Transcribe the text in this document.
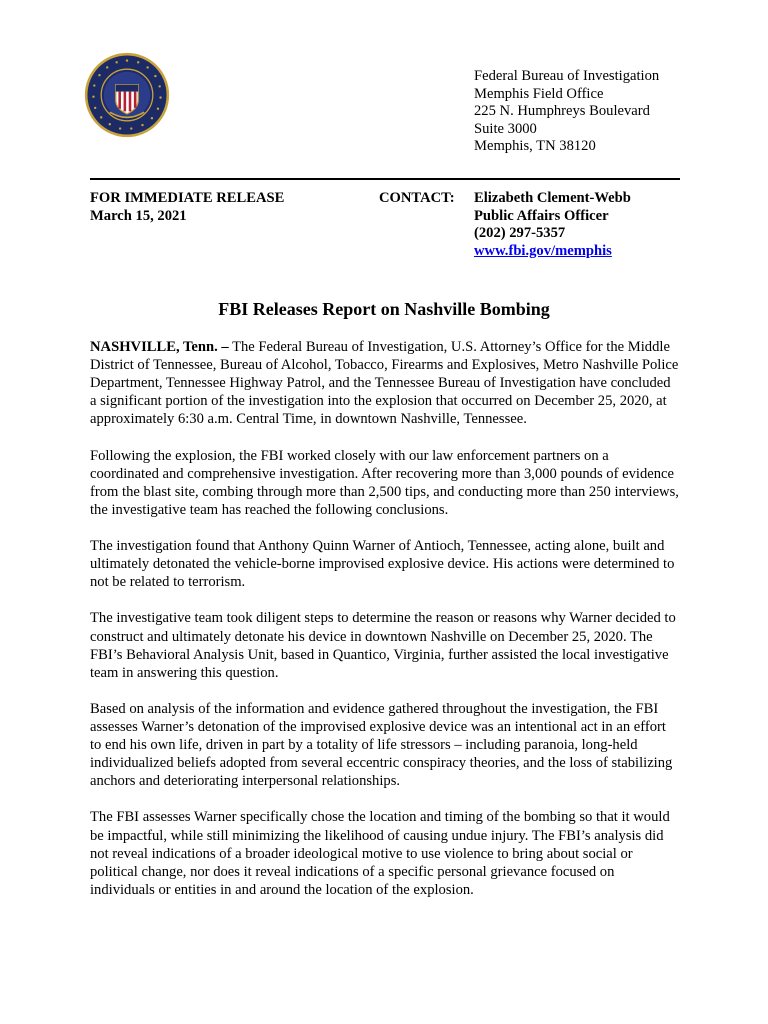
Federal Bureau of Investigation
Memphis Field Office
225 N. Humphreys Boulevard
Suite 3000
Memphis, TN 38120
FOR IMMEDIATE RELEASE
March 15, 2021
CONTACT: Elizabeth Clement-Webb
Public Affairs Officer
(202) 297-5357
www.fbi.gov/memphis
FBI Releases Report on Nashville Bombing

NASHVILLE, Tenn. – The Federal Bureau of Investigation, U.S. Attorney’s Office for the Middle District of Tennessee, Bureau of Alcohol, Tobacco, Firearms and Explosives, Metro Nashville Police Department, Tennessee Highway Patrol, and the Tennessee Bureau of Investigation have concluded a significant portion of the investigation into the explosion that occurred on December 25, 2020, at approximately 6:30 a.m. Central Time, in downtown Nashville, Tennessee.

Following the explosion, the FBI worked closely with our law enforcement partners on a coordinated and comprehensive investigation. After recovering more than 3,000 pounds of evidence from the blast site, combing through more than 2,500 tips, and conducting more than 250 interviews, the investigative team has reached the following conclusions.

The investigation found that Anthony Quinn Warner of Antioch, Tennessee, acting alone, built and ultimately detonated the vehicle-borne improvised explosive device. His actions were determined to not be related to terrorism.

The investigative team took diligent steps to determine the reason or reasons why Warner decided to construct and ultimately detonate his device in downtown Nashville on December 25, 2020. The FBI’s Behavioral Analysis Unit, based in Quantico, Virginia, further assisted the local investigative team in answering this question.

Based on analysis of the information and evidence gathered throughout the investigation, the FBI assesses Warner’s detonation of the improvised explosive device was an intentional act in an effort to end his own life, driven in part by a totality of life stressors – including paranoia, long-held individualized beliefs adopted from several eccentric conspiracy theories, and the loss of stabilizing anchors and deteriorating interpersonal relationships.

The FBI assesses Warner specifically chose the location and timing of the bombing so that it would be impactful, while still minimizing the likelihood of causing undue injury. The FBI’s analysis did not reveal indications of a broader ideological motive to use violence to bring about social or political change, nor does it reveal indications of a specific personal grievance focused on individuals or entities in and around the location of the explosion.
